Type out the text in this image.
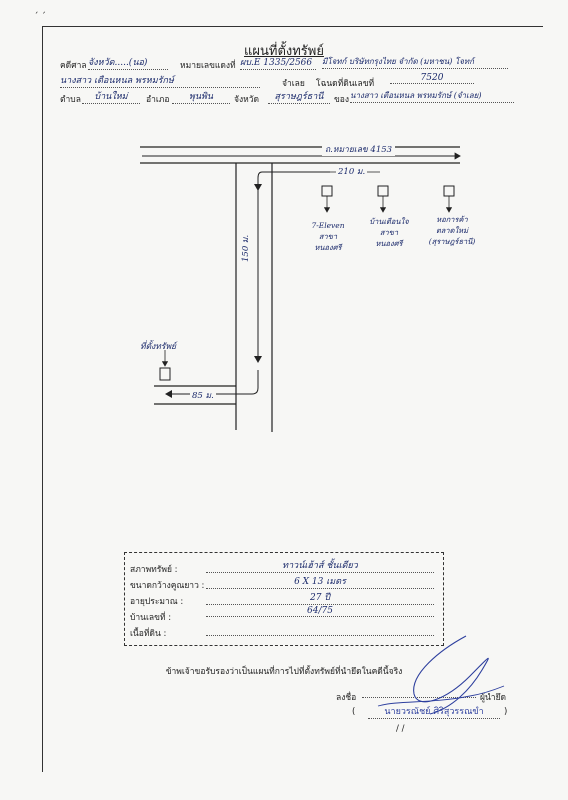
´ ´
แผนที่ตั้งทรัพย์
คดีศาล จังหวัด.....(นอ)	หมายเลขแดงที่ ผบ.E 1335/2566	มีโจทก์ บริษัทกรุงไทย จำกัด (มหาชน) โจทก์
นางสาว เตือนหนล พรหมรักษ์	จำเลย โฉนดที่ดินเลขที่
7520
ตำบล	บ้านใหม่	อำเภอ	พุนพิน	จังหวัด	สุราษฎร์ธานี	ของ นางสาว เตือนหนล พรหมรักษ์ (จำเลย)
ถ.หมายเลข 4153
210 ม.
150 ม.
85 ม.
ที่ตั้งทรัพย์
7-Eleven
สาขา
หนองศรี
บ้านเตือนใจ
สาขา
หนองศรี
หอการค้า
ตลาดใหม่
(สุราษฎร์ธานี)
สภาพทรัพย์ :	ทาวน์เฮ้าส์ ชั้นเดียว
ขนาดกว้างคูณยาว :	6 X 13 เมตร
อายุประมาณ :	27 ปี
บ้านเลขที่ :
64/75
เนื้อที่ดิน :
ข้าพเจ้าขอรับรองว่าเป็นแผนที่การไปที่ตั้งทรัพย์ที่นำยึดในคดีนี้จริง
ลงชื่อ	ผู้นำยึด
(	นายวรณัชย์ ศิริสุวรรณขำ	)
/ /
